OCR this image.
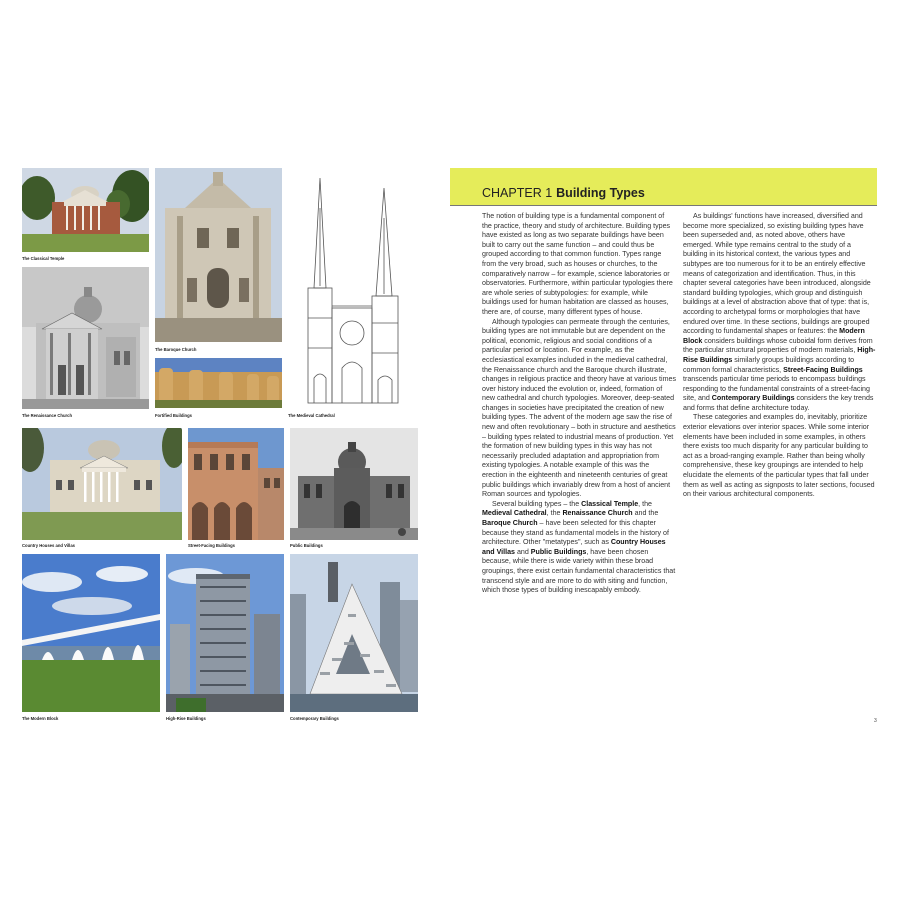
The Classical Temple
The Baroque Church
The Medieval Cathedral
The Renaissance Church	Fortified Buildings
Country Houses and Villas	Street-Facing Buildings	Public Buildings
The Modern Block	High-Rise Buildings	Contemporary Buildings
CHAPTER 1 Building Types

The notion of building type is a fundamental component of the practice, theory and study of architecture. Building types have existed as long as two separate buildings have been built to carry out the same function – and could thus be grouped according to that common function. Types range from the very broad, such as houses or churches, to the comparatively narrow – for example, science laboratories or observatories. Furthermore, within particular typologies there are whole series of subtypologies: for example, while buildings used for human habitation are classed as houses, there are, of course, many different types of house.

Although typologies can permeate through the centuries, building types are not immutable but are dependent on the political, economic, religious and social conditions of a particular period or location. For example, as the ecclesiastical examples included in the medieval cathedral, the Renaissance church and the Baroque church illustrate, changes in religious practice and theory have at various times over history induced the evolution or, indeed, formation of new cathedral and church typologies. Moreover, deep-seated changes in societies have precipitated the creation of new building types. The advent of the modern age saw the rise of new and often revolutionary – both in structure and aesthetics – building types related to industrial means of production. Yet the formation of new building types in this way has not necessarily precluded adaptation and appropriation from existing typologies. A notable example of this was the erection in the eighteenth and nineteenth centuries of great public buildings which invariably drew from a host of ancient Roman sources and typologies.

Several building types – the Classical Temple, the Medieval Cathedral, the Renaissance Church and the Baroque Church – have been selected for this chapter because they stand as fundamental models in the history of architecture. Other "metatypes", such as Country Houses and Villas and Public Buildings, have been chosen because, while there is wide variety within these broad groupings, there exist certain fundamental characteristics that transcend style and are more to do with siting and function, which those types of building inescapably embody.

As buildings' functions have increased, diversified and become more specialized, so existing building types have been superseded and, as noted above, others have emerged. While type remains central to the study of a building in its historical context, the various types and subtypes are too numerous for it to be an entirely effective means of categorization and identification. Thus, in this chapter several categories have been introduced, alongside standard building typologies, which group and distinguish buildings at a level of abstraction above that of type: that is, according to archetypal forms or morphologies that have endured over time. In these sections, buildings are grouped according to fundamental shapes or features: the Modern Block considers buildings whose cuboidal form derives from the particular structural properties of modern materials, High-Rise Buildings similarly groups buildings according to common formal characteristics, Street-Facing Buildings transcends particular time periods to encompass buildings responding to the fundamental constraints of a street-facing site, and Contemporary Buildings considers the key trends and forms that define architecture today.

These categories and examples do, inevitably, prioritize exterior elevations over interior spaces. While some interior elements have been included in some examples, in others there exists too much disparity for any particular building to act as a broad-ranging example. Rather than being wholly comprehensive, these key groupings are intended to help elucidate the elements of the particular types that fall under them as well as acting as signposts to later sections, focused on their various architectural components.

3
